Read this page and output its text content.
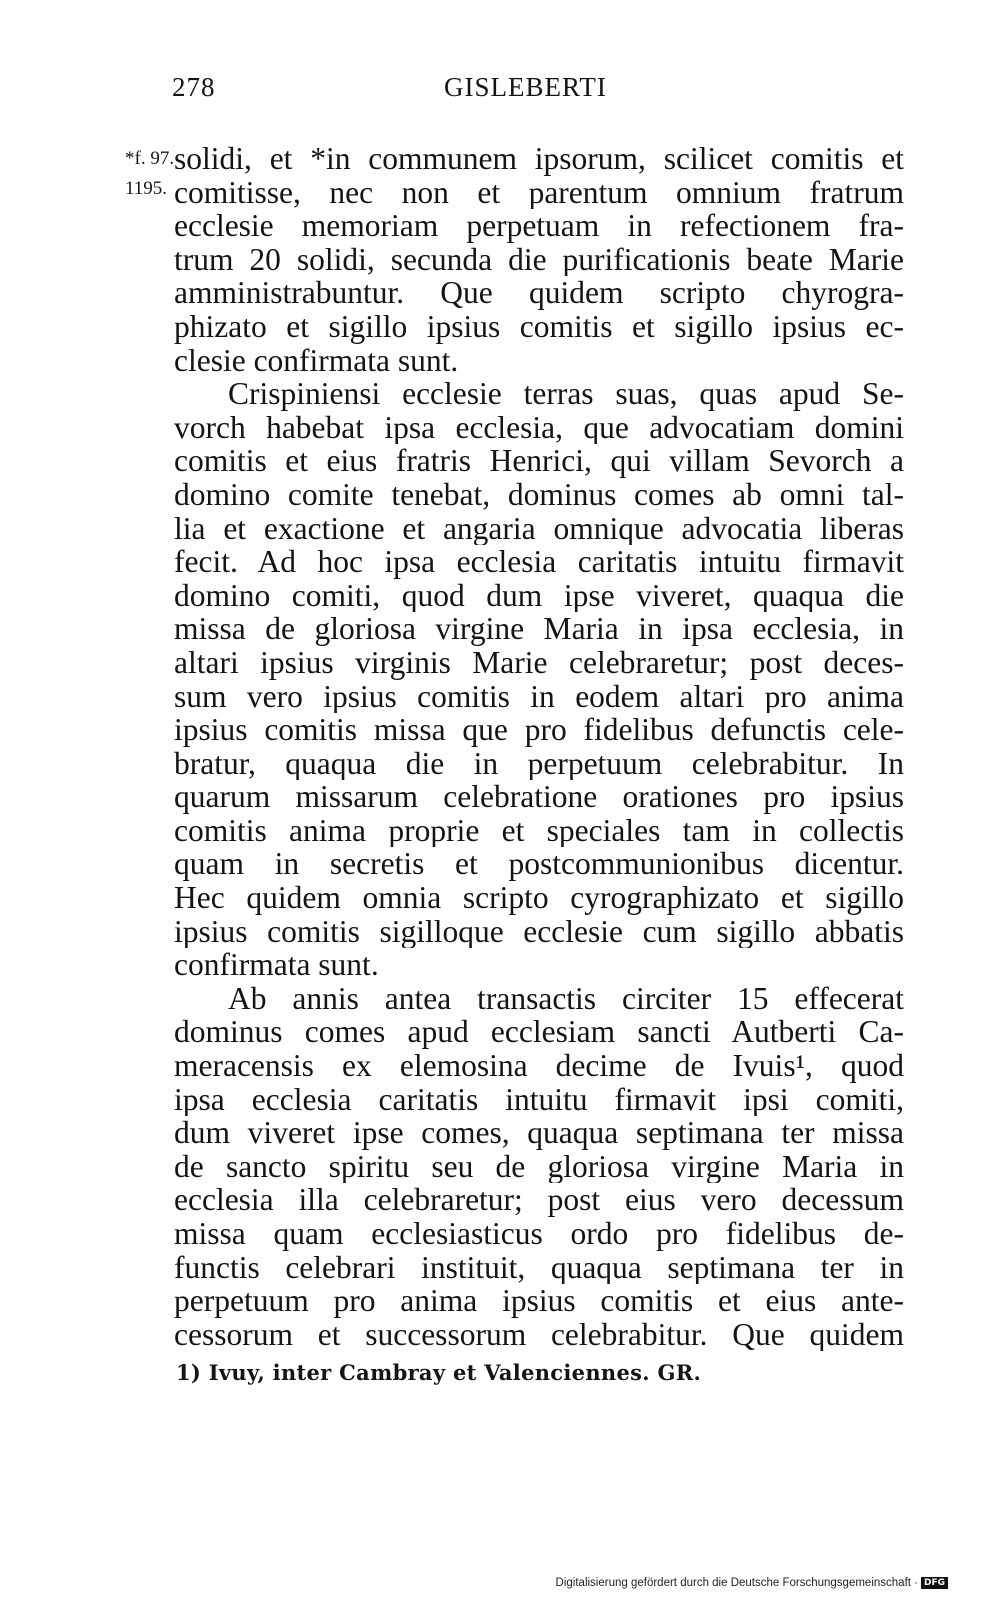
278	GISLEBERTI
*f. 97.
1195.
solidi, et *in communem ipsorum, scilicet comitis et
comitisse, nec non et parentum omnium fratrum
ecclesie memoriam perpetuam in refectionem fra-
trum 20 solidi, secunda die purificationis beate Marie
amministrabuntur. Que quidem scripto chyrogra-
phizato et sigillo ipsius comitis et sigillo ipsius ec-
clesie confirmata sunt.
Crispiniensi ecclesie terras suas, quas apud Se-
vorch habebat ipsa ecclesia, que advocatiam domini
comitis et eius fratris Henrici, qui villam Sevorch a
domino comite tenebat, dominus comes ab omni tal-
lia et exactione et angaria omnique advocatia liberas
fecit. Ad hoc ipsa ecclesia caritatis intuitu firmavit
domino comiti, quod dum ipse viveret, quaqua die
missa de gloriosa virgine Maria in ipsa ecclesia, in
altari ipsius virginis Marie celebraretur; post deces-
sum vero ipsius comitis in eodem altari pro anima
ipsius comitis missa que pro fidelibus defunctis cele-
bratur, quaqua die in perpetuum celebrabitur. In
quarum missarum celebratione orationes pro ipsius
comitis anima proprie et speciales tam in collectis
quam in secretis et postcommunionibus dicentur.
Hec quidem omnia scripto cyrographizato et sigillo
ipsius comitis sigilloque ecclesie cum sigillo abbatis
confirmata sunt.
Ab annis antea transactis circiter 15 effecerat
dominus comes apud ecclesiam sancti Autberti Ca-
meracensis ex elemosina decime de Ivuis¹, quod
ipsa ecclesia caritatis intuitu firmavit ipsi comiti,
dum viveret ipse comes, quaqua septimana ter missa
de sancto spiritu seu de gloriosa virgine Maria in
ecclesia illa celebraretur; post eius vero decessum
missa quam ecclesiasticus ordo pro fidelibus de-
functis celebrari instituit, quaqua septimana ter in
perpetuum pro anima ipsius comitis et eius ante-
cessorum et successorum celebrabitur. Que quidem
1) Ivuy, inter Cambray et Valenciennes. GR.
Digitalisierung gefördert durch die Deutsche Forschungsgemeinschaft · DFG
